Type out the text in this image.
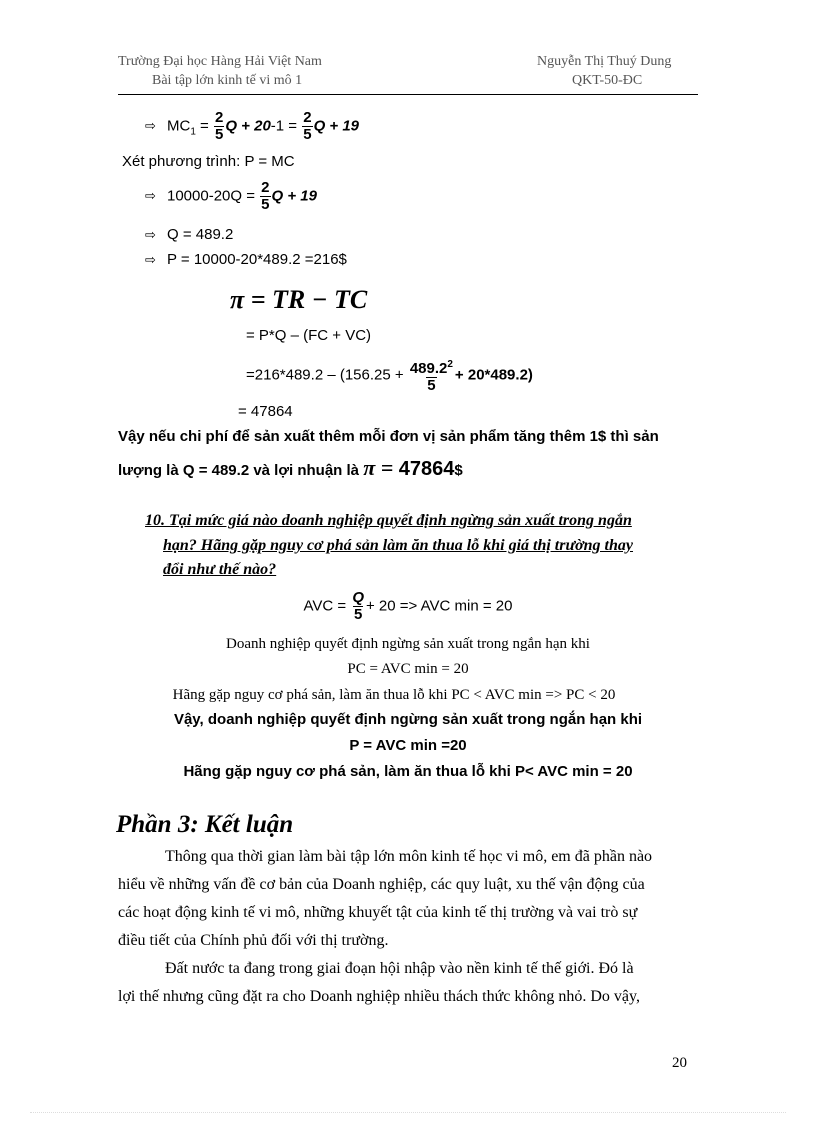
Trường Đại học Hàng Hải Việt Nam
Bài tập lớn kinh tế vi mô 1
Nguyễn Thị Thuý Dung
QKT-50-ĐC
⇨ $MC_1 = \frac{2}{5}$ $Q + 20-1 = \frac{2}{5}$ Q + 19
Xét phương trình: P = MC
⇨ $10000-20Q = \frac{2}{5}$ Q + 19
⇨ Q = 489.2
⇨ P = 10000-20*489.2 =216$
π = TR − TC
= P*Q – (FC + VC)
$=216*489.2 - (156.25 + \frac{489.2^2}{5} + 20*489.2)$
= 47864
Vậy nếu chi phí để sản xuất thêm mỗi đơn vị sản phẩm tăng thêm 1$ thì sản
lượng là Q = 489.2 và lợi nhuận là π = 47864$
10. Tại mức giá nào doanh nghiệp quyết định ngừng sản xuất trong ngắn
hạn? Hãng gặp nguy cơ phá sản làm ăn thua lỗ khi giá thị trường thay
đổi như thế nào?
AVC = $\frac{Q}{5} + 20$ => AVC min = 20
Doanh nghiệp quyết định ngừng sản xuất trong ngắn hạn khi
PC = AVC min = 20
Hãng gặp nguy cơ phá sản, làm ăn thua lỗ khi PC < AVC min => PC < 20
Vậy, doanh nghiệp quyết định ngừng sản xuất trong ngắn hạn khi
P = AVC min =20
Hãng gặp nguy cơ phá sản, làm ăn thua lỗ khi P< AVC min = 20
Phần 3: Kết luận
Thông qua thời gian làm bài tập lớn môn kinh tế học vi mô, em đã phần nào
hiểu về những vấn đề cơ bản của Doanh nghiệp, các quy luật, xu thế vận động của
các hoạt động kinh tế vi mô, những khuyết tật của kinh tế thị trường và vai trò sự
điều tiết của Chính phủ đối với thị trường.
Đất nước ta đang trong giai đoạn hội nhập vào nền kinh tế thế giới. Đó là
lợi thế nhưng cũng đặt ra cho Doanh nghiệp nhiều thách thức không nhỏ. Do vậy,
20
